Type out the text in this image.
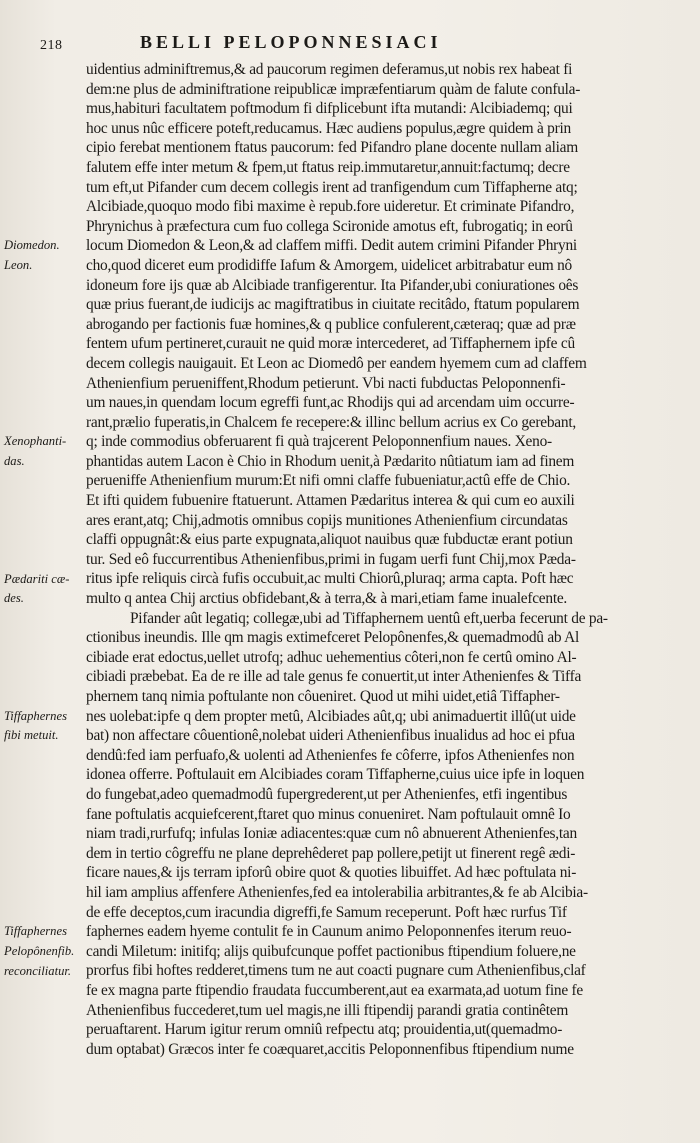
218	BELLI PELOPONNESIACI
uidentius adminiftremus,& ad paucorum regimen deferamus,ut nobis rex habeat fi
dem:ne plus de adminiftratione reipublicæ impræfentiarum quàm de falute confula-
mus,habituri facultatem poftmodum fi difplicebunt ifta mutandi: Alcibiademq; qui
hoc unus nûc efficere poteft,reducamus. Hæc audiens populus,ægre quidem à prin
cipio ferebat mentionem ftatus paucorum: fed Pifandro plane docente nullam aliam
falutem effe inter metum & fpem,ut ftatus reip.immutaretur,annuit:factumq; decre
tum eft,ut Pifander cum decem collegis irent ad tranfigendum cum Tiffapherne atq;
Alcibiade,quoquo modo fibi maxime è repub.fore uideretur. Et criminate Pifandro,
Phrynichus à præfectura cum fuo collega Scironide amotus eft, fubrogatiq; in eorû
locum Diomedon & Leon,& ad claffem miffi. Dedit autem crimini Pifander Phryni
cho,quod diceret eum prodidiffe Iafum & Amorgem, uidelicet arbitrabatur eum nô
idoneum fore ijs quæ ab Alcibiade tranfigerentur. Ita Pifander,ubi coniurationes oês
quæ prius fuerant,de iudicijs ac magiftratibus in ciuitate recitâdo, ftatum popularem
abrogando per factionis fuæ homines,& q publice confulerent,cæteraq; quæ ad præ
fentem ufum pertineret,curauit ne quid moræ intercederet, ad Tiffaphernem ipfe cû
decem collegis nauigauit. Et Leon ac Diomedô per eandem hyemem cum ad claffem
Athenienfium perueniffent,Rhodum petierunt. Vbi nacti fubductas Peloponnenfi-
um naues,in quendam locum egreffi funt,ac Rhodijs qui ad arcendam uim occurre-
rant,prælio fuperatis,in Chalcem fe recepere:& illinc bellum acrius ex Co gerebant,
q; inde commodius obferuarent fi quà trajcerent Peloponnenfium naues. Xeno-
phantidas autem Lacon è Chio in Rhodum uenit,à Pædarito nûtiatum iam ad finem
perueniffe Athenienfium murum:Et nifi omni claffe fubueniatur,actû effe de Chio.
Et ifti quidem fubuenire ftatuerunt. Attamen Pædaritus interea & qui cum eo auxili
ares erant,atq; Chij,admotis omnibus copijs munitiones Athenienfium circundatas
claffi oppugnât:& eius parte expugnata,aliquot nauibus quæ fubductæ erant potiun
tur. Sed eô fuccurrentibus Athenienfibus,primi in fugam uerfi funt Chij,mox Pæda-
ritus ipfe reliquis circà fufis occubuit,ac multi Chiorû,pluraq; arma capta. Poft hæc
multo q antea Chij arctius obfidebant,& à terra,& à mari,etiam fame inualefcente.
Pifander aût legatiq; collegæ,ubi ad Tiffaphernem uentû eft,uerba fecerunt de pa-
ctionibus ineundis. Ille qm magis extimefceret Pelopônenfes,& quemadmodû ab Al
cibiade erat edoctus,uellet utrofq; adhuc uehementius côteri,non fe certû omino Al-
cibiadi præbebat. Ea de re ille ad tale genus fe conuertit,ut inter Athenienfes & Tiffa
phernem tanq nimia poftulante non côueniret. Quod ut mihi uidet,etiâ Tiffapher-
nes uolebat:ipfe q dem propter metû, Alcibiades aût,q; ubi animaduertit illû(ut uide
bat) non affectare côuentionê,nolebat uideri Athenienfibus inualidus ad hoc ei pfua
dendû:fed iam perfuafo,& uolenti ad Athenienfes fe côferre, ipfos Athenienfes non
idonea offerre. Poftulauit em Alcibiades coram Tiffapherne,cuius uice ipfe in loquen
do fungebat,adeo quemadmodû fupergrederent,ut per Athenienfes, etfi ingentibus
fane poftulatis acquiefcerent,ftaret quo minus conueniret. Nam poftulauit omnê Io
niam tradi,rurfufq; infulas Ioniæ adiacentes:quæ cum nô abnuerent Athenienfes,tan
dem in tertio côgreffu ne plane deprehêderet pap pollere,petijt ut finerent regê ædi-
ficare naues,& ijs terram ipforû obire quot & quoties libuiffet. Ad hæc poftulata ni-
hil iam amplius affenfere Athenienfes,fed ea intolerabilia arbitrantes,& fe ab Alcibia-
de effe deceptos,cum iracundia digreffi,fe Samum receperunt. Poft hæc rurfus Tif
faphernes eadem hyeme contulit fe in Caunum animo Peloponnenfes iterum reuo-
candi Miletum: initifq; alijs quibufcunque poffet pactionibus ftipendium foluere,ne
prorfus fibi hoftes redderet,timens tum ne aut coacti pugnare cum Athenienfibus,claf
fe ex magna parte ftipendio fraudata fuccumberent,aut ea exarmata,ad uotum fine fe
Athenienfibus fuccederet,tum uel magis,ne illi ftipendij parandi gratia continêtem
peruaftarent. Harum igitur rerum omniû refpectu atq; prouidentia,ut(quemadmo-
dum optabat) Græcos inter fe coæquaret,accitis Peloponnenfibus ftipendium nume
Diomedon.
Leon.
Xenophanti-
das.
Pædariti cæ-
des.
Tiffaphernes
fibi metuit.
Tiffaphernes
Pelopônenfib.
reconciliatur.
